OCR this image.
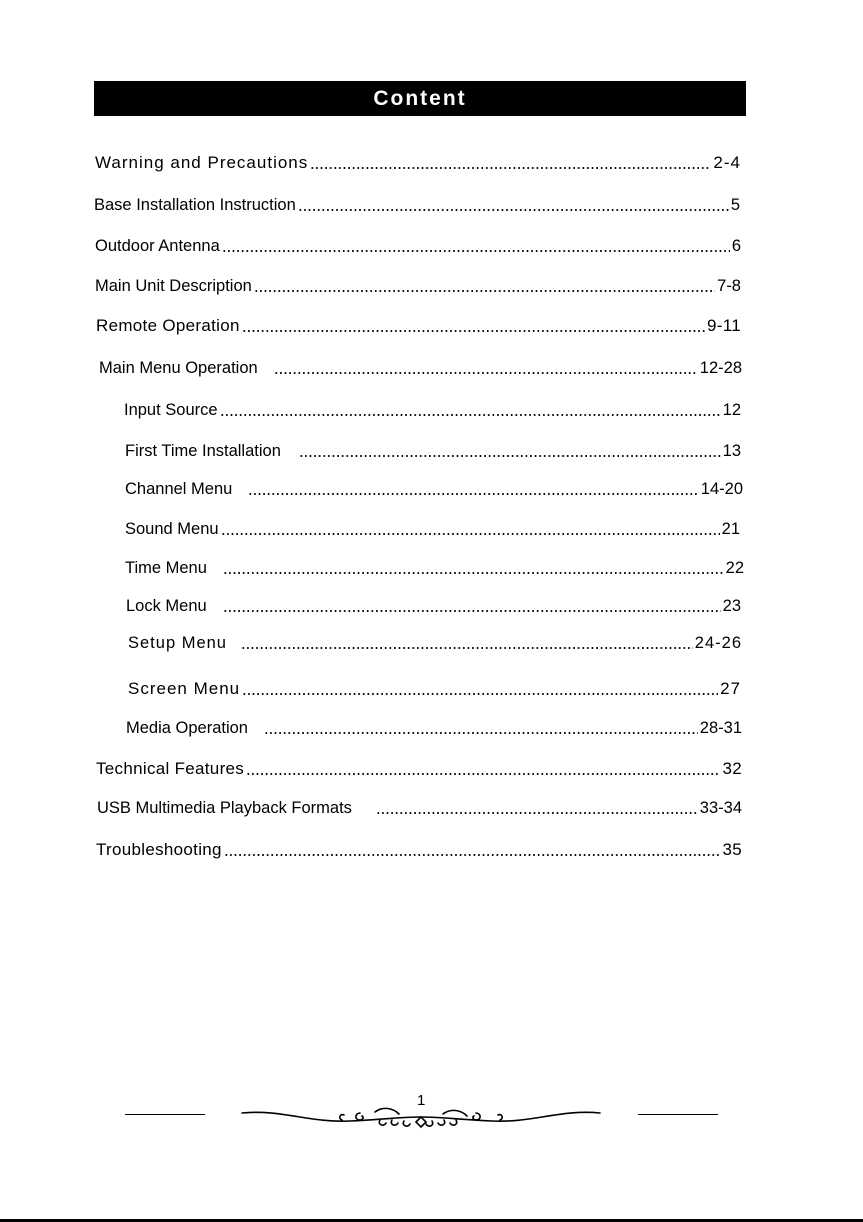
Content
Warning and Precautions	2-4
Base Installation Instruction	5
Outdoor Antenna	6
Main Unit Description	7-8
Remote Operation	9-11
Main Menu Operation	12-28
Input Source	12
First Time Installation	13
Channel Menu	14-20
Sound Menu	21
Time Menu	22
Lock Menu	23
Setup Menu	24-26
Screen Menu	27
Media Operation	28-31
Technical Features	32
USB Multimedia Playback Formats	33-34
Troubleshooting	35
1
